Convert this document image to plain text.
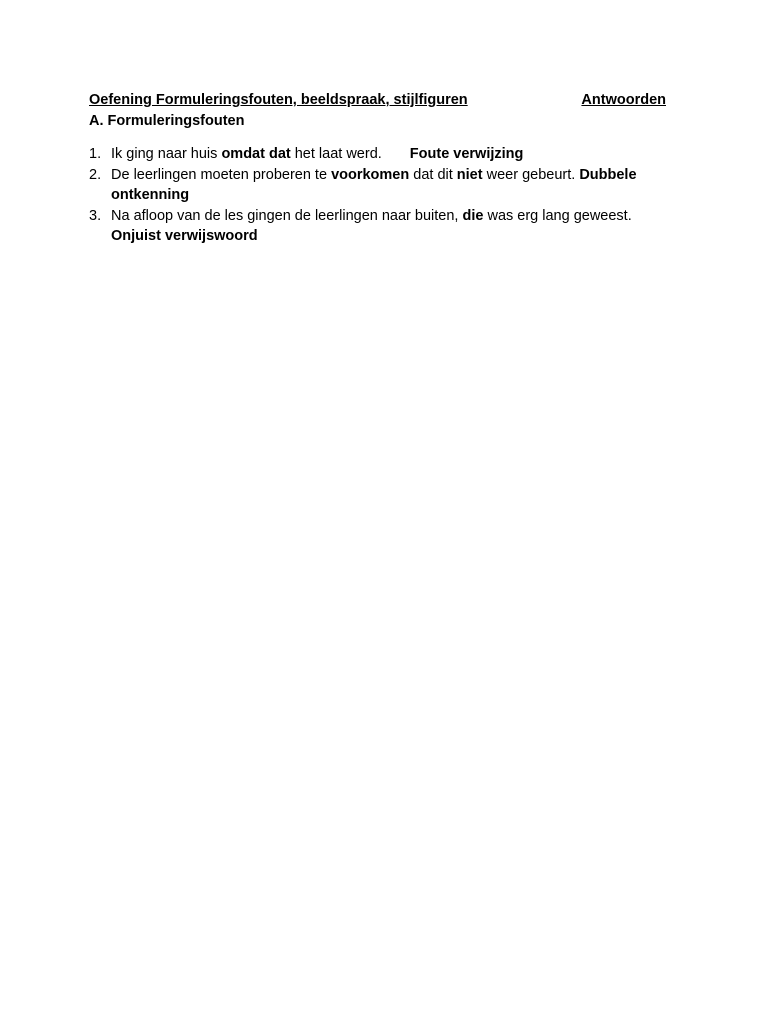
Oefening Formuleringsfouten, beeldspraak, stijlfiguren	Antwoorden
A. Formuleringsfouten
1. Ik ging naar huis omdat dat het laat werd. Foute verwijzing
2. De leerlingen moeten proberen te voorkomen dat dit niet weer gebeurt. Dubbele ontkenning
3. Na afloop van de les gingen de leerlingen naar buiten, die was erg lang geweest. Onjuist verwijswoord
